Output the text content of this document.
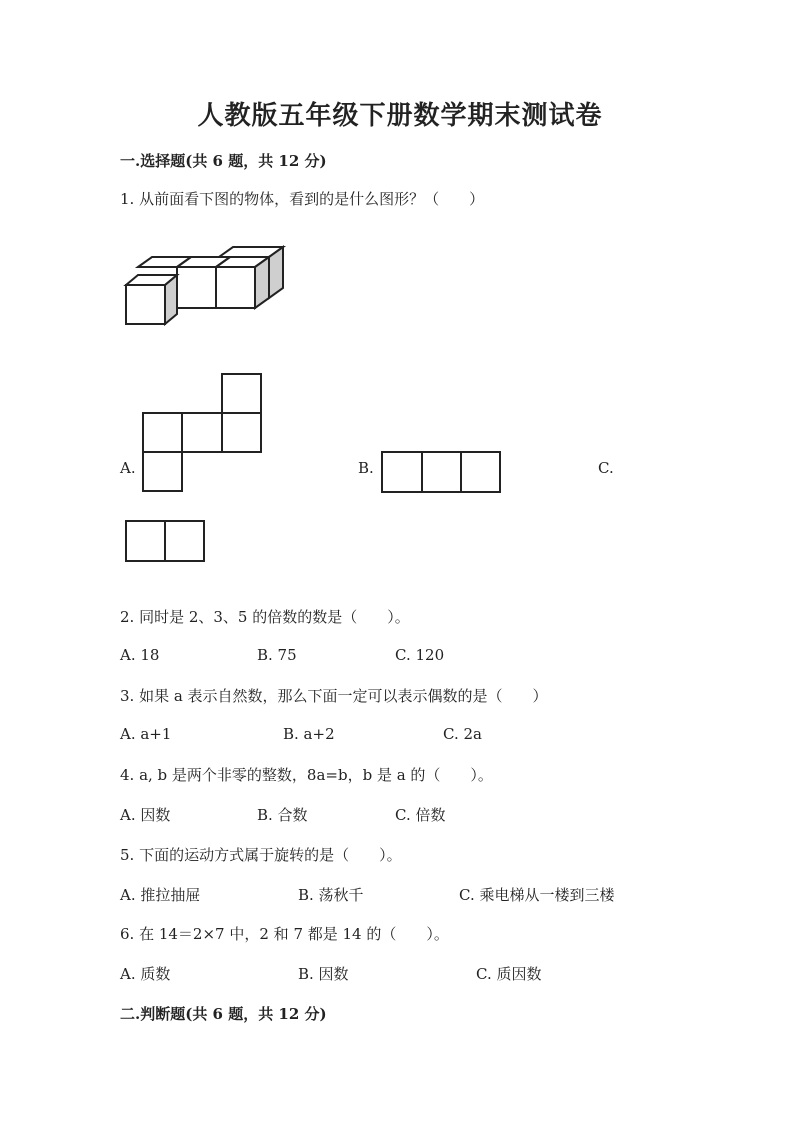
人教版五年级下册数学期末测试卷
一.选择题(共 6 题，共 12 分)
1. 从前面看下图的物体，看到的是什么图形？（　　）
A.	B.	C.
2. 同时是 2、3、5 的倍数的数是（　　）。
A. 18	B. 75	C. 120
3. 如果 a 表示自然数，那么下面一定可以表示偶数的是（　　）
A. a+1	B. a+2	C. 2a
4. a, b 是两个非零的整数，8a=b，b 是 a 的（　　）。
A. 因数	B. 合数	C. 倍数
5. 下面的运动方式属于旋转的是（　　）。
A. 推拉抽屉	B. 荡秋千	C. 乘电梯从一楼到三楼
6. 在 14＝2×7 中，2 和 7 都是 14 的（　　）。
A. 质数	B. 因数	C. 质因数
二.判断题(共 6 题，共 12 分)
